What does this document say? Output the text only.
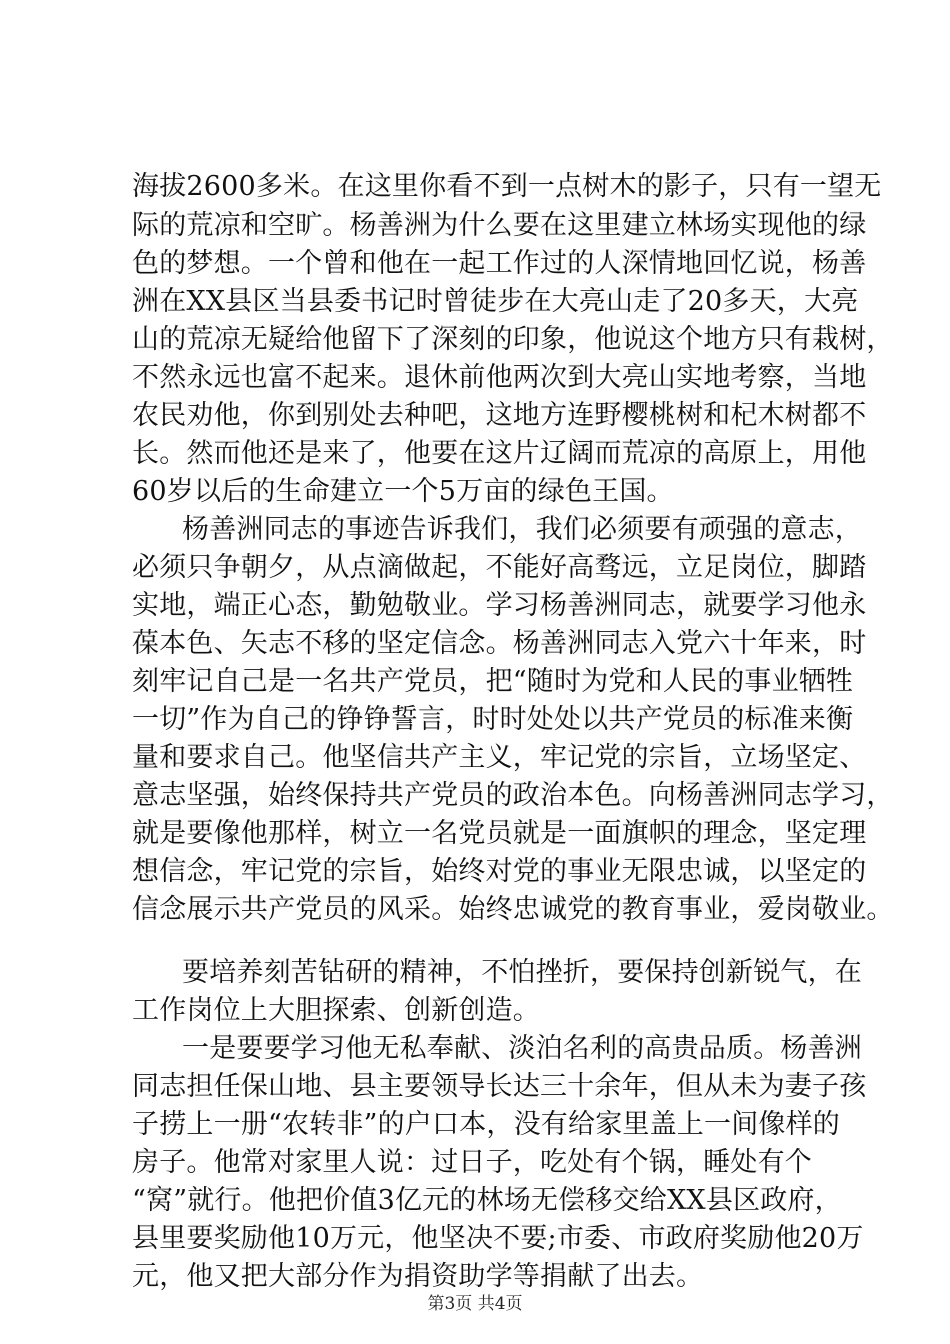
海拔2600多米。在这里你看不到一点树木的影子，只有一望无
际的荒凉和空旷。杨善洲为什么要在这里建立林场实现他的绿
色的梦想。一个曾和他在一起工作过的人深情地回忆说，杨善
洲在XX县区当县委书记时曾徒步在大亮山走了20多天，大亮
山的荒凉无疑给他留下了深刻的印象，他说这个地方只有栽树，
不然永远也富不起来。退休前他两次到大亮山实地考察，当地
农民劝他，你到别处去种吧，这地方连野樱桃树和杞木树都不
长。然而他还是来了，他要在这片辽阔而荒凉的高原上，用他
60岁以后的生命建立一个5万亩的绿色王国。
杨善洲同志的事迹告诉我们，我们必须要有顽强的意志，
必须只争朝夕，从点滴做起，不能好高骛远，立足岗位，脚踏
实地，端正心态，勤勉敬业。学习杨善洲同志，就要学习他永
葆本色、矢志不移的坚定信念。杨善洲同志入党六十年来，时
刻牢记自己是一名共产党员，把“随时为党和人民的事业牺牲
一切”作为自己的铮铮誓言，时时处处以共产党员的标准来衡
量和要求自己。他坚信共产主义，牢记党的宗旨，立场坚定、
意志坚强，始终保持共产党员的政治本色。向杨善洲同志学习，
就是要像他那样，树立一名党员就是一面旗帜的理念，坚定理
想信念，牢记党的宗旨，始终对党的事业无限忠诚，以坚定的
信念展示共产党员的风采。始终忠诚党的教育事业，爱岗敬业。
要培养刻苦钻研的精神，不怕挫折，要保持创新锐气，在
工作岗位上大胆探索、创新创造。
一是要要学习他无私奉献、淡泊名利的高贵品质。杨善洲
同志担任保山地、县主要领导长达三十余年，但从未为妻子孩
子捞上一册“农转非”的户口本，没有给家里盖上一间像样的
房子。他常对家里人说：过日子，吃处有个锅，睡处有个
“窝”就行。他把价值3亿元的林场无偿移交给XX县区政府，
县里要奖励他10万元，他坚决不要;市委、市政府奖励他20万
元，他又把大部分作为捐资助学等捐献了出去。
第3页 共4页
